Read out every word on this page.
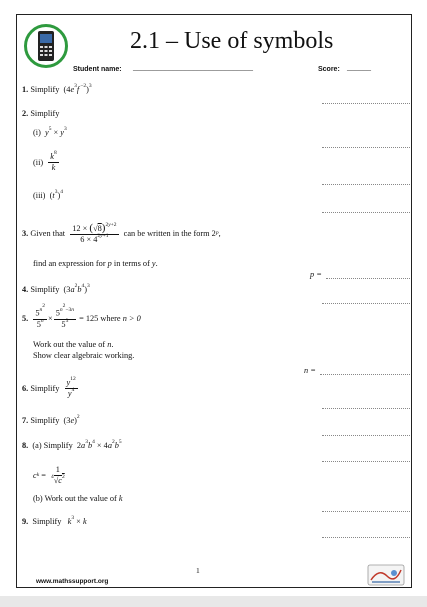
2.1 – Use of symbols
Student name: ______________________________	Score: ______
1. Simplify ($4e^3f$ $^{-2}$)$^3$
2. Simplify
(i) $y^5 \times y^3$
(ii)
$\frac{k^8}{k}$
(iii) $(t^3)^4$
3.
Given that
$\frac{12 \times (√8)^{2y+2}}{6 \times 4^{2y+1}}$
can be written in the form 2$^p$ ,
find an expression for p in terms of y.
p =
4. Simplify $(3a^2b^4)^3$
5.
$\frac{5^{n^2}}{5^n} \times \frac{5^{n^2-3n}}{5^3}$
= 125 where
n > 0
Work out the value of n.
Show clear algebraic working.
n =
6.
Simplify
$\frac{y^{12}}{y^4}$
7. Simplify $(3e)^2$
8. (a) Simplify $2a^3b^4 \times 4a^2b^5$
c $^k = \frac{1}{^4√c^2}$
(b) Work out the value of k
9. Simplify $k^3 \times k$
1
www.mathssupport.org
